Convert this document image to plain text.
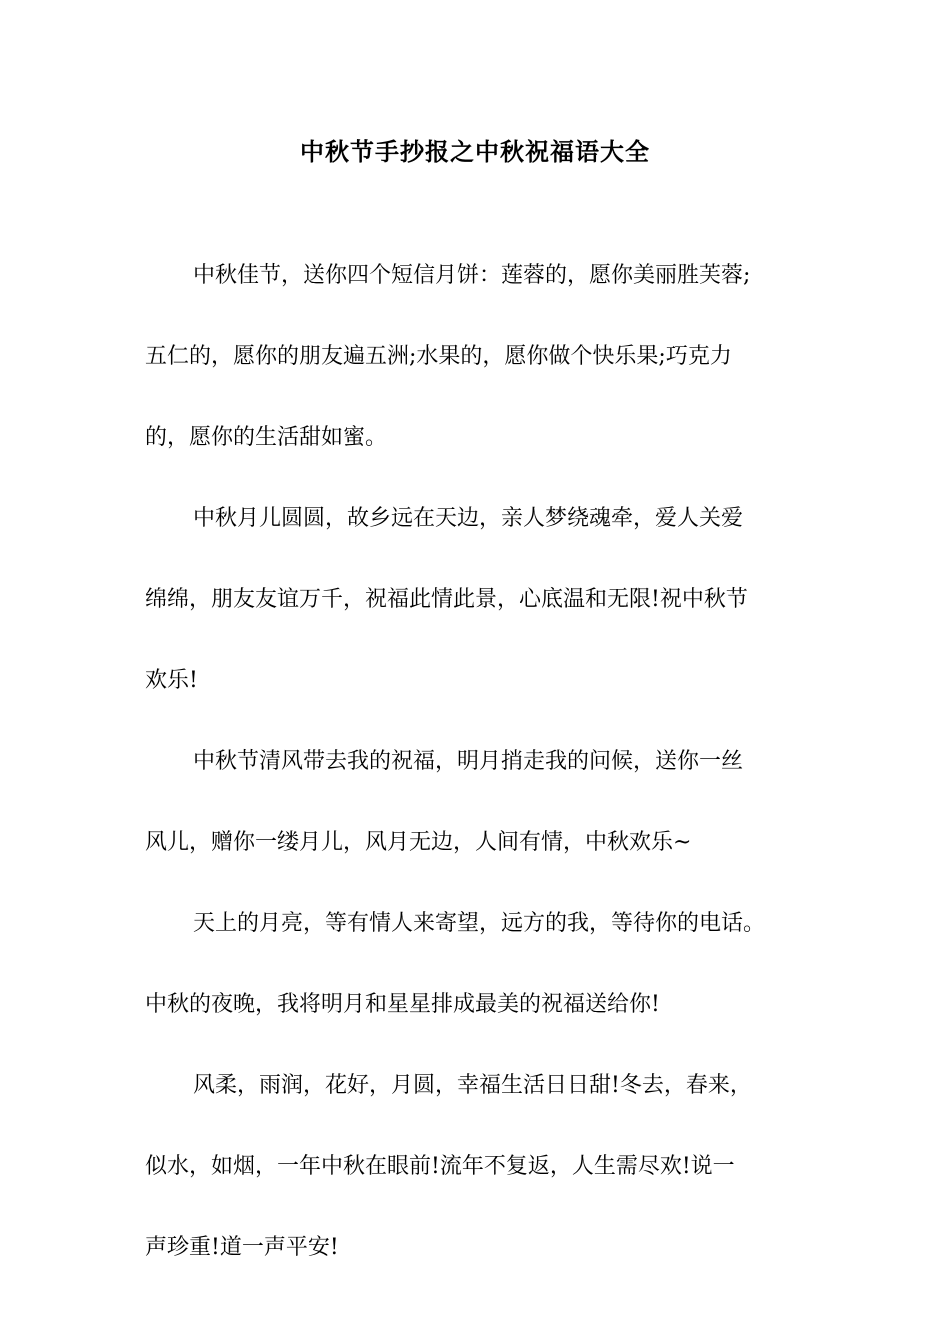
中秋节手抄报之中秋祝福语大全
中秋佳节，送你四个短信月饼：莲蓉的，愿你美丽胜芙蓉;
五仁的，愿你的朋友遍五洲;水果的，愿你做个快乐果;巧克力
的，愿你的生活甜如蜜。
中秋月儿圆圆，故乡远在天边，亲人梦绕魂牵，爱人关爱
绵绵，朋友友谊万千，祝福此情此景，心底温和无限!祝中秋节
欢乐!
中秋节清风带去我的祝福，明月捎走我的问候，送你一丝
风儿，赠你一缕月儿，风月无边，人间有情，中秋欢乐~
天上的月亮，等有情人来寄望，远方的我，等待你的电话。
中秋的夜晚，我将明月和星星排成最美的祝福送给你!
风柔，雨润，花好，月圆，幸福生活日日甜!冬去，春来，
似水，如烟，一年中秋在眼前!流年不复返，人生需尽欢!说一
声珍重!道一声平安!
